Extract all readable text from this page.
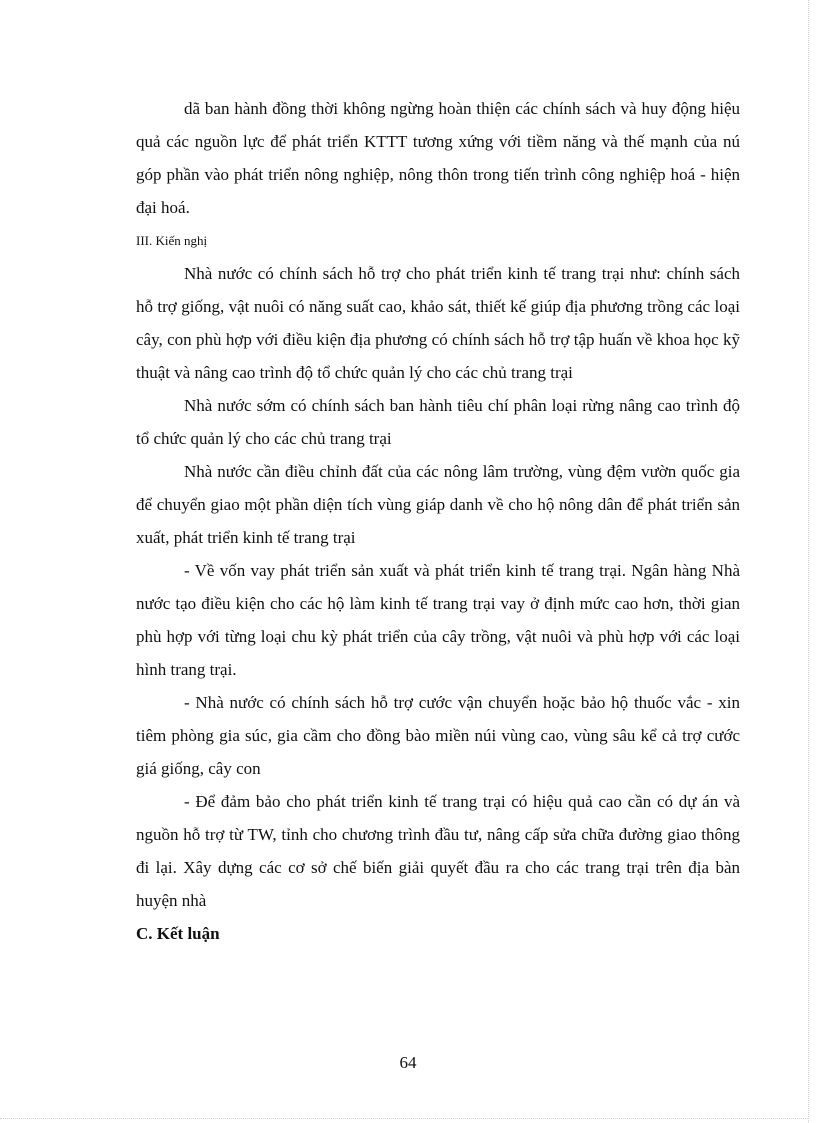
dã ban hành đồng thời không ngừng hoàn thiện các chính sách và huy động hiệu quả các nguồn lực để phát triển KTTT tương xứng với tiềm năng và thế mạnh của nú góp phần vào phát triển nông nghiệp, nông thôn trong tiến trình công nghiệp hoá - hiện đại hoá.

III. Kiến nghị

Nhà nước có chính sách hỗ trợ cho phát triển kinh tế trang trại như: chính sách hỗ trợ giống, vật nuôi có năng suất cao, khảo sát, thiết kế giúp địa phương trồng các loại cây, con phù hợp với điều kiện địa phương có chính sách hỗ trợ tập huấn về khoa học kỹ thuật và nâng cao trình độ tổ chức quản lý cho các chủ trang trại

Nhà nước sớm có chính sách ban hành tiêu chí phân loại rừng nâng cao trình độ tổ chức quản lý cho các chủ trang trại

Nhà nước cần điều chỉnh đất của các nông lâm trường, vùng đệm vườn quốc gia để chuyển giao một phần diện tích vùng giáp danh về cho hộ nông dân để phát triển sản xuất, phát triển kinh tế trang trại

- Về vốn vay phát triển sản xuất và phát triển kinh tế trang trại. Ngân hàng Nhà nước tạo điều kiện cho các hộ làm kinh tế trang trại vay ở định mức cao hơn, thời gian phù hợp với từng loại chu kỳ phát triển của cây trồng, vật nuôi và phù hợp với các loại hình trang trại.

- Nhà nước có chính sách hỗ trợ cước vận chuyển hoặc bảo hộ thuốc vắc - xin tiêm phòng gia súc, gia cầm cho đồng bào miền núi vùng cao, vùng sâu kể cả trợ cước giá giống, cây con

- Để đảm bảo cho phát triển kinh tế trang trại có hiệu quả cao cần có dự án và nguồn hỗ trợ từ TW, tỉnh cho chương trình đầu tư, nâng cấp sửa chữa đường giao thông đi lại. Xây dựng các cơ sở chế biến giải quyết đầu ra cho các trang trại trên địa bàn huyện nhà

C. Kết luận

64
